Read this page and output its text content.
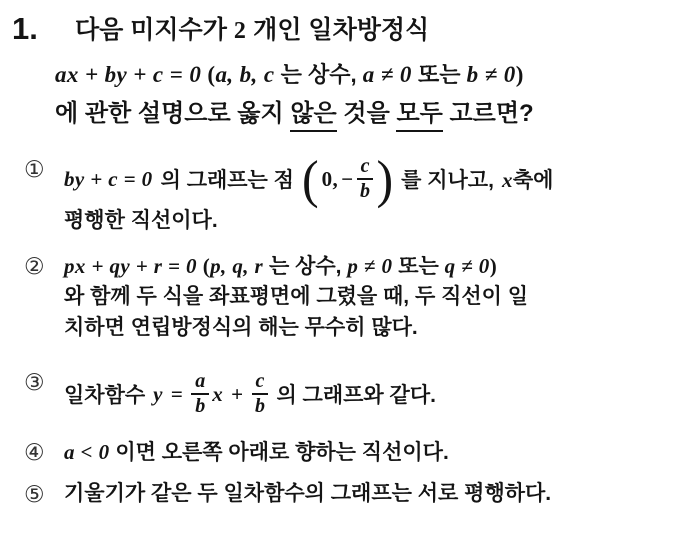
1.	다음 미지수가 2 개인 일차방정식
ax + by + c = 0 (a, b, c 는 상수, a ≠ 0 또는 b ≠ 0)
에 관한 설명으로 옳지 않은 것을 모두 고르면?
① by + c = 0 의 그래프는 점 ( 0, − $\frac{c}{b}$ ) 를 지나고, x축에
평행한 직선이다.
② px + qy + r = 0 (p, q, r 는 상수, p ≠ 0 또는 q ≠ 0)
와 함께 두 식을 좌표평면에 그렸을 때, 두 직선이 일
치하면 연립방정식의 해는 무수히 많다.
③ 일차함수 $y = \frac{a}{b}$ $x + \frac{c}{b}$ 의 그래프와 같다.
④ a < 0 이면 오른쪽 아래로 향하는 직선이다.
⑤ 기울기가 같은 두 일차함수의 그래프는 서로 평행하다.
